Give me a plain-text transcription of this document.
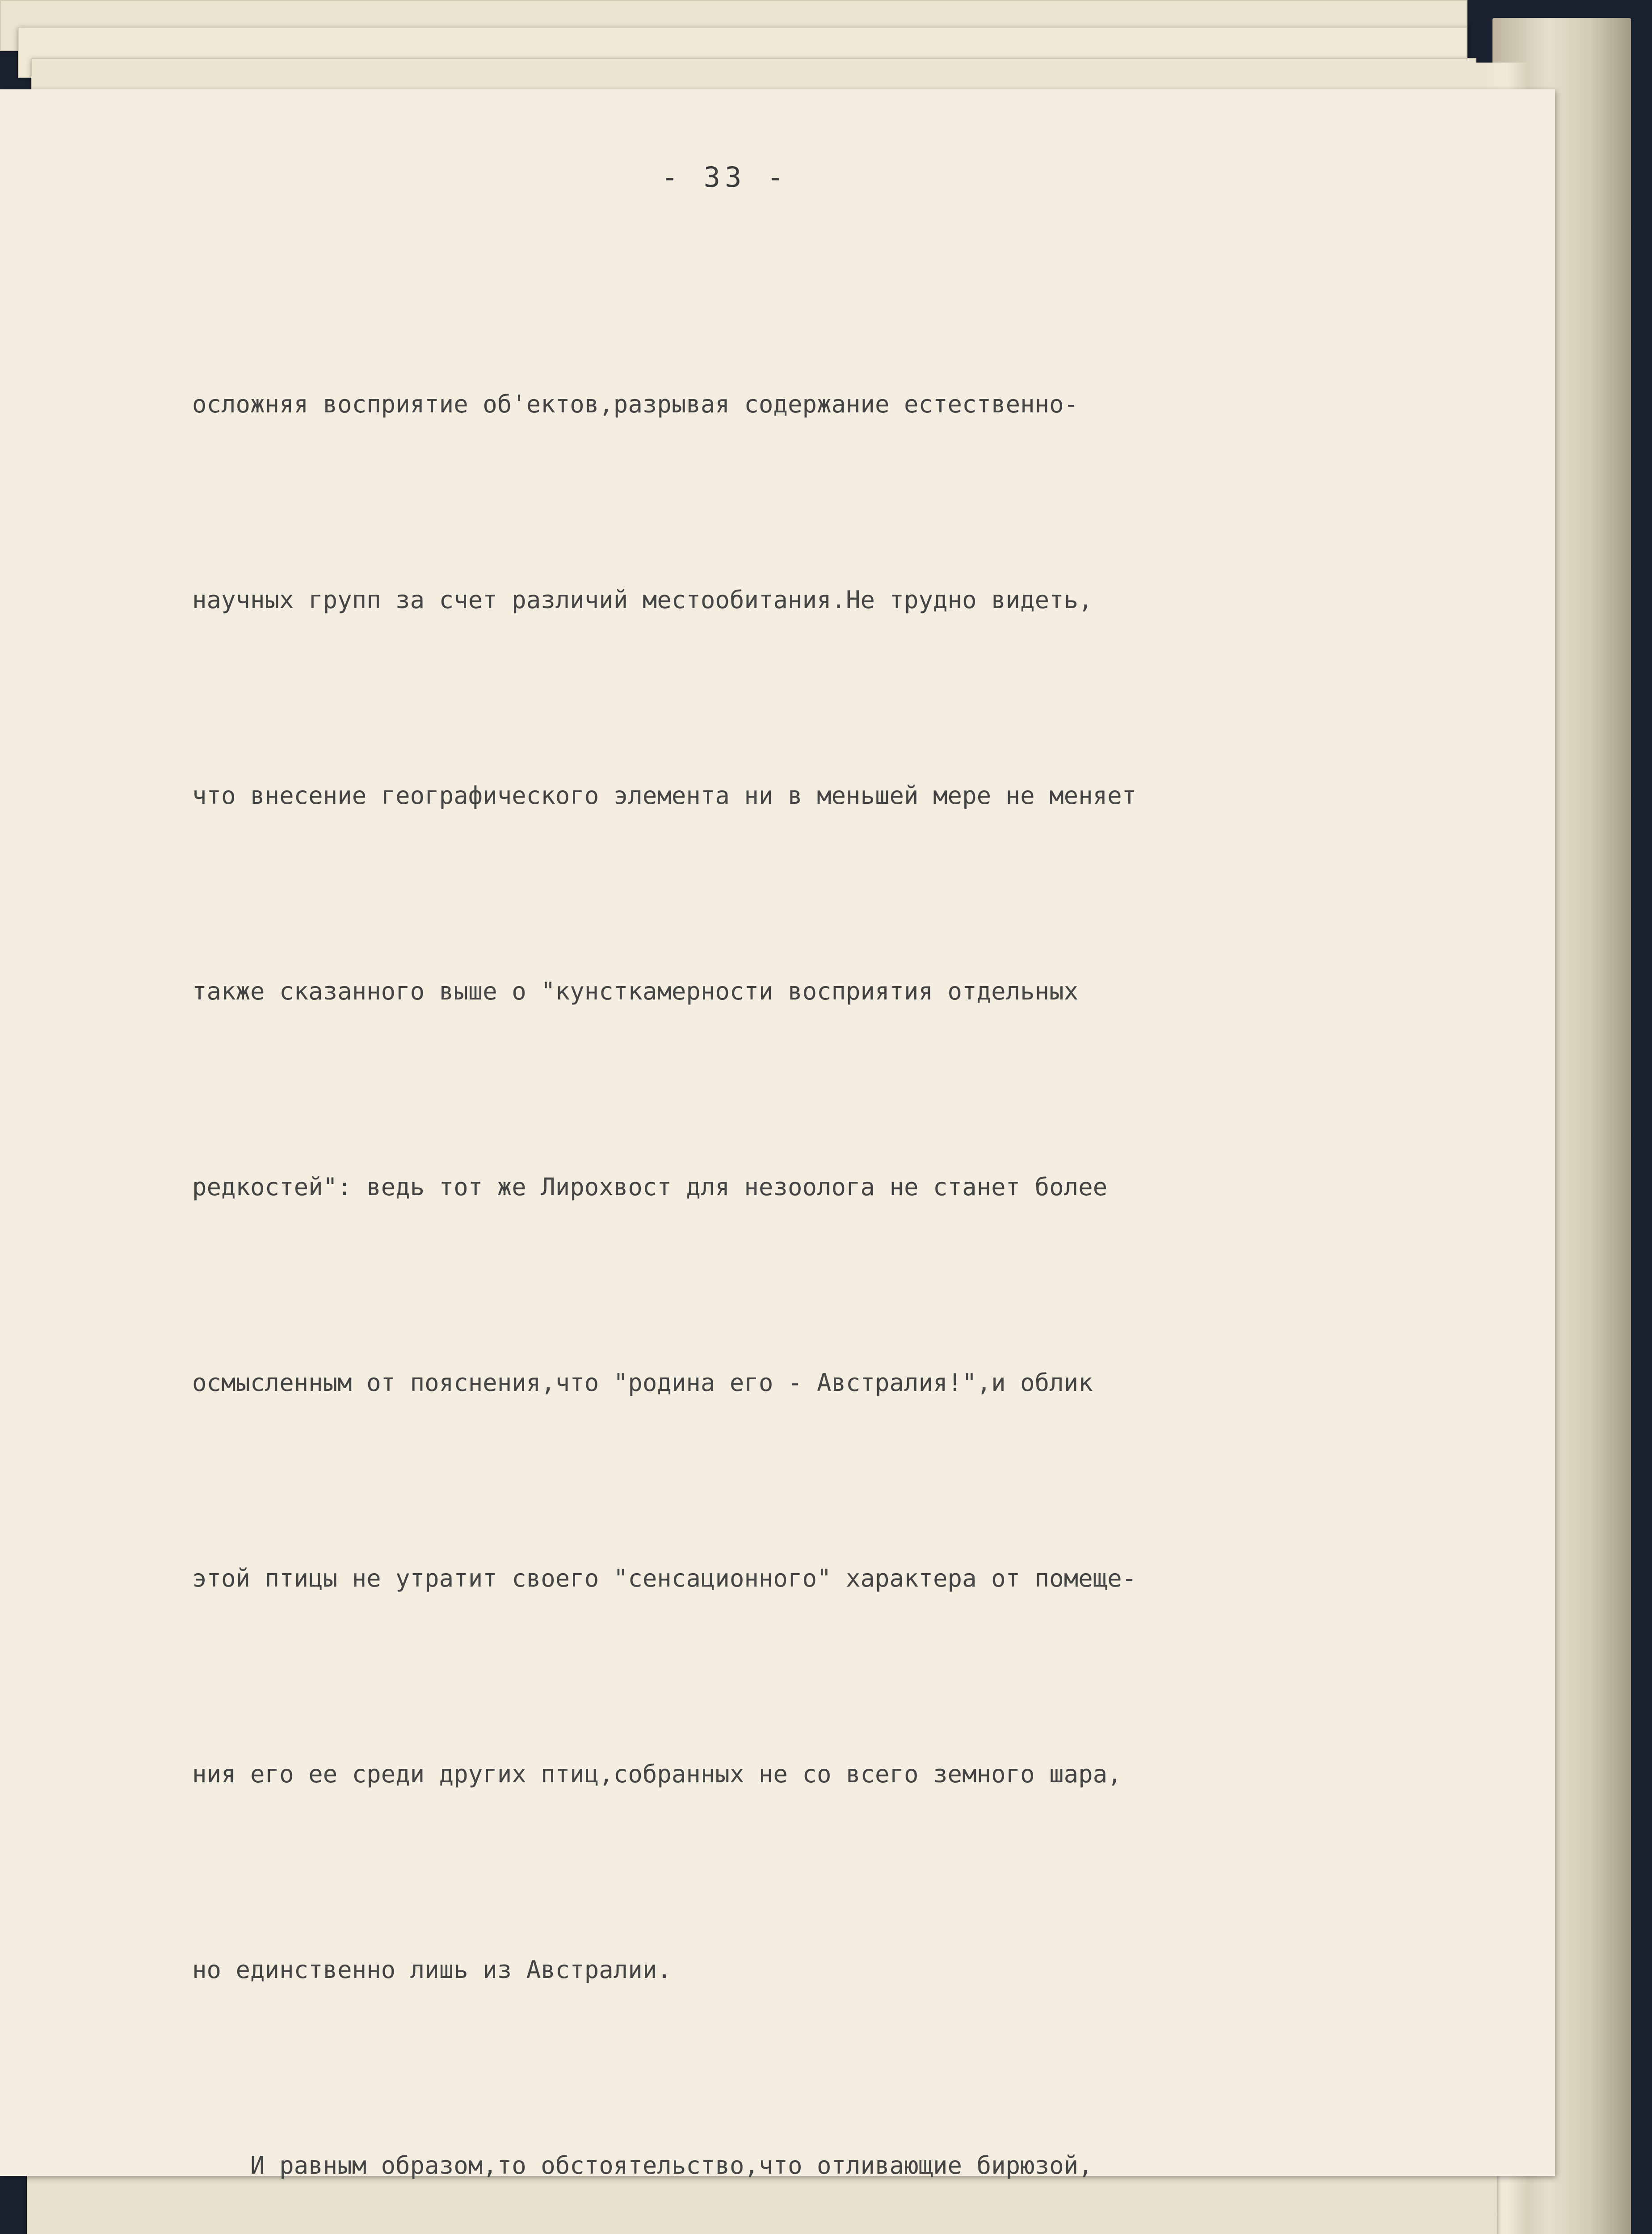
- 33 -

осложняя восприятие об'ектов,разрывая содержание естественно-

научных групп за счет различий местообитания.Не трудно видеть,

что внесение географического элемента ни в меньшей мере не меняет

также сказанного выше о "кунсткамерности восприятия отдельных

редкостей": ведь тот же Лирохвост для незоолога не станет более

осмысленным от пояснения,что "родина его - Австралия!",и облик

этой птицы не утратит своего "сенсационного" характера от помеще-

ния его ее среди других птиц,собранных не со всего земного шара,

но единственно лишь из Австралии.

И равным образом,то обстоятельство,что отливающие бирюзой,
